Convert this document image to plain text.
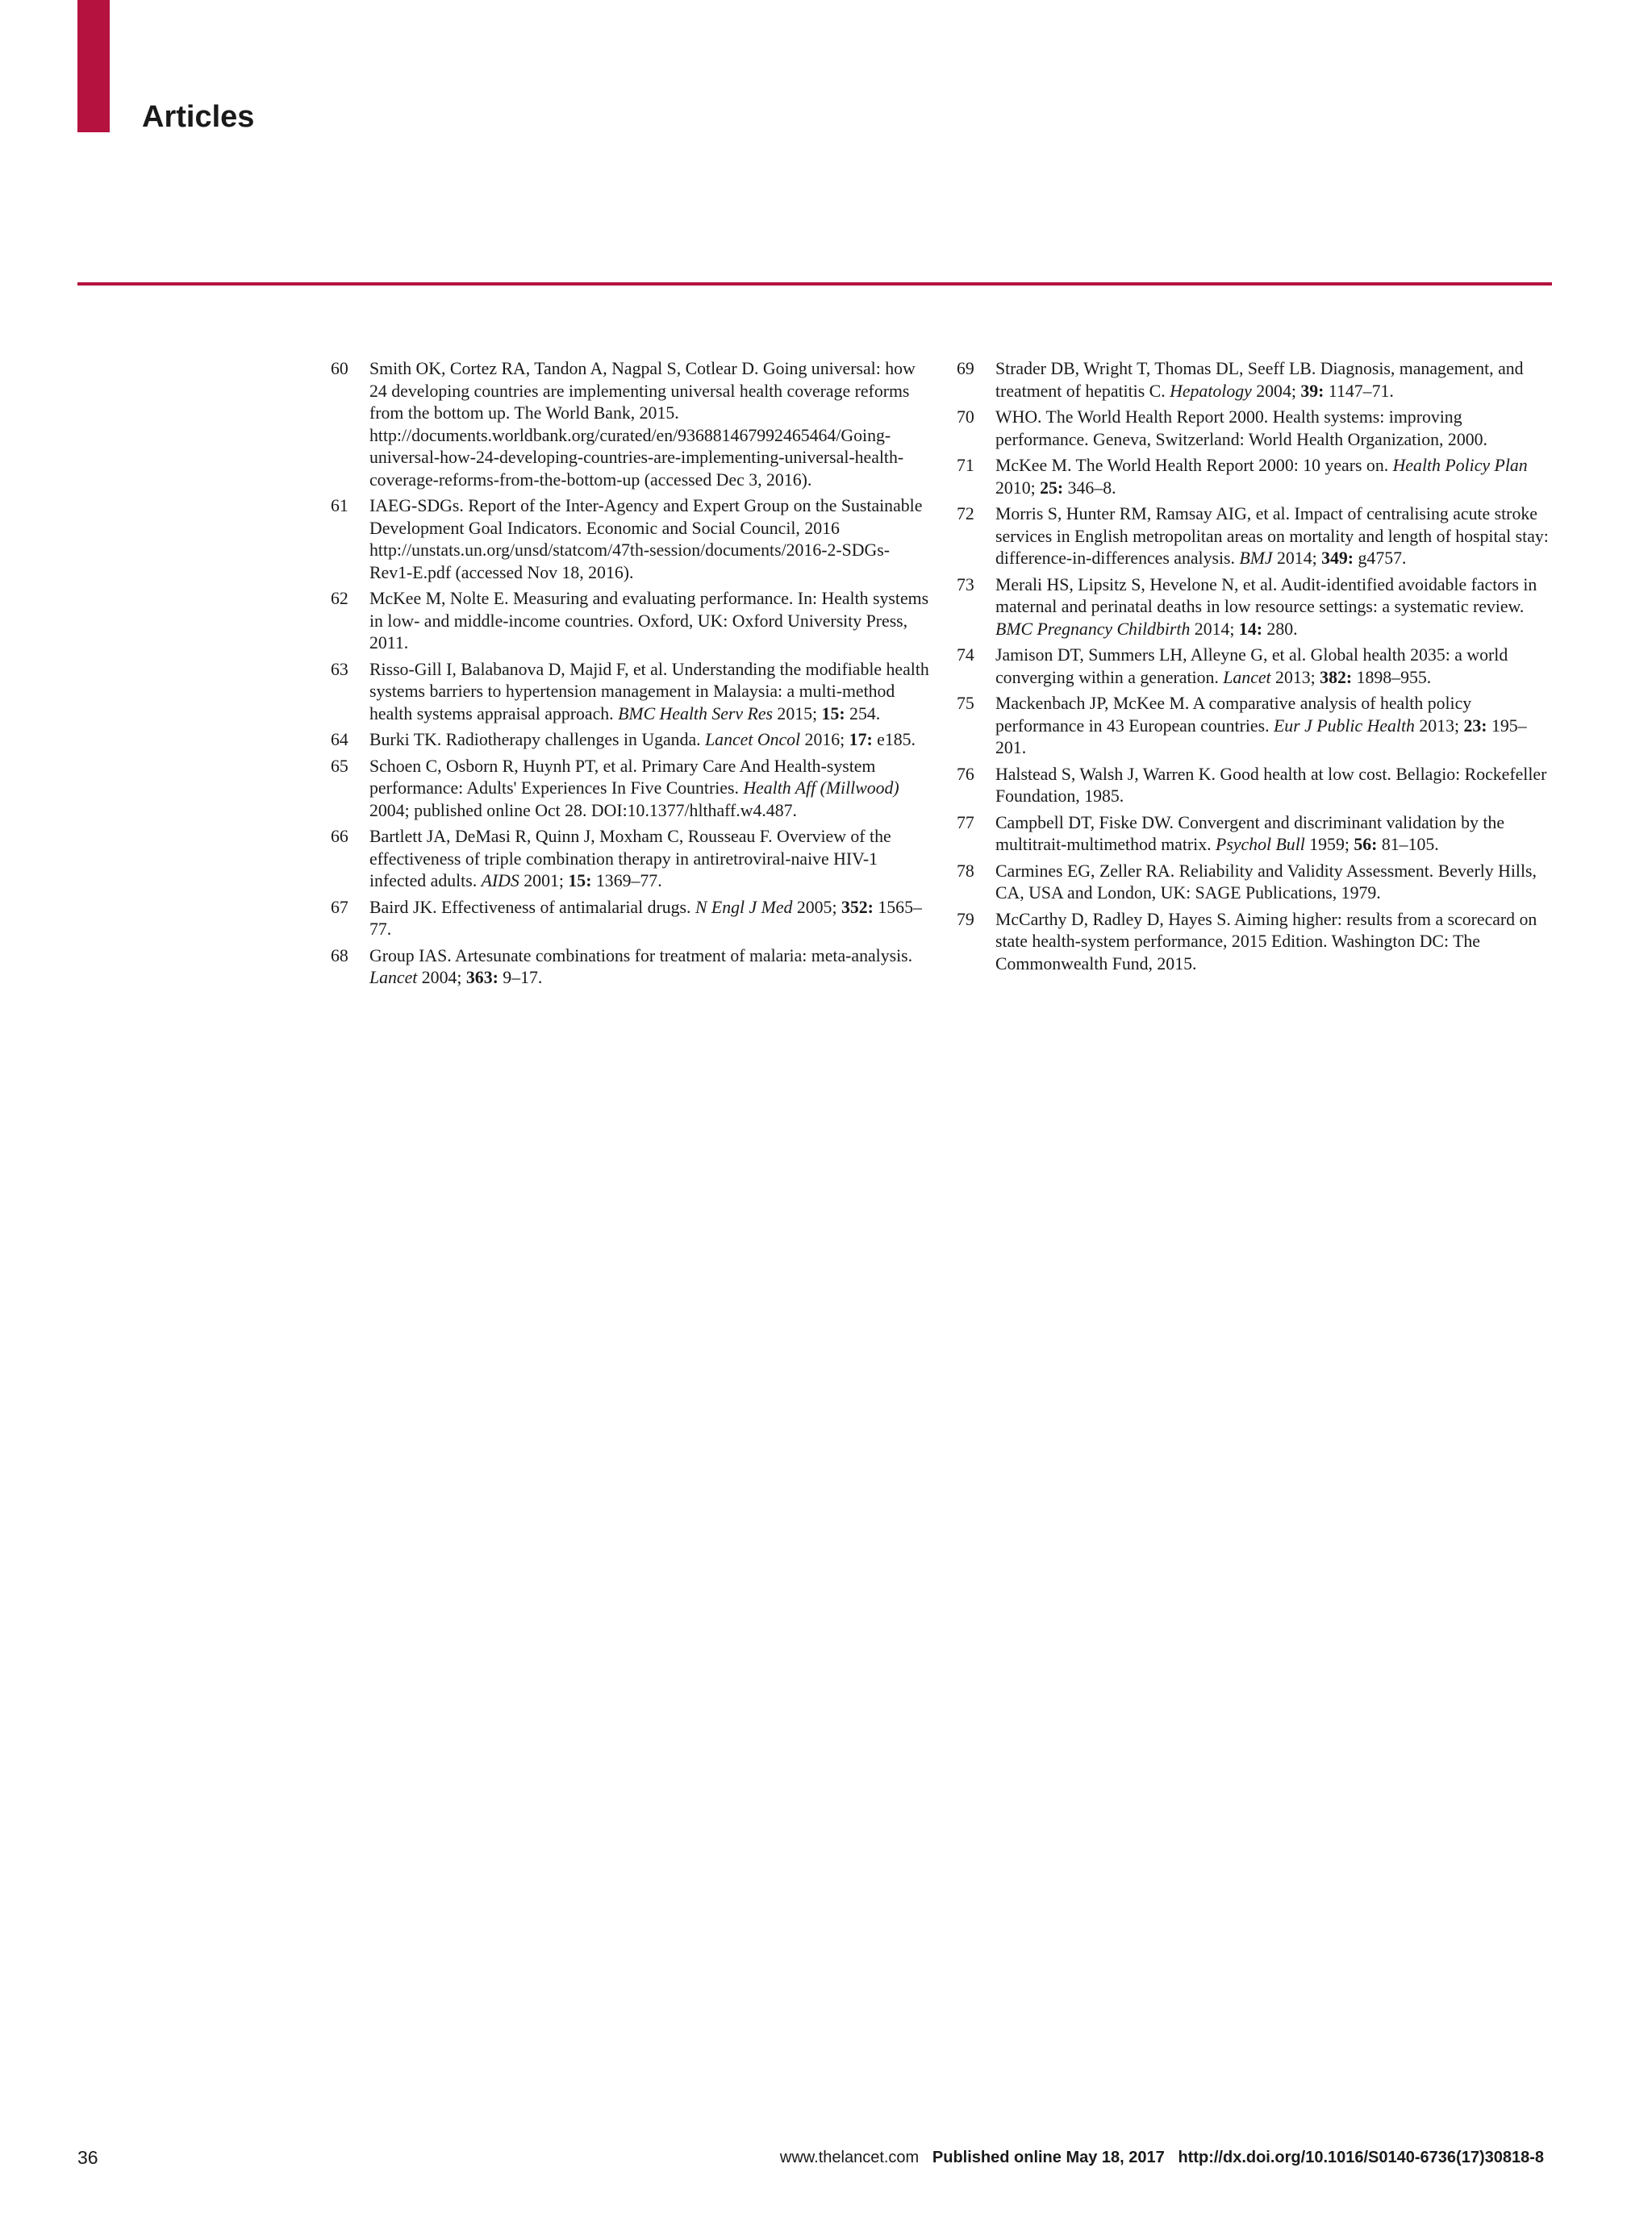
Articles
60	Smith OK, Cortez RA, Tandon A, Nagpal S, Cotlear D. Going universal: how 24 developing countries are implementing universal health coverage reforms from the bottom up. The World Bank, 2015. http://documents.worldbank.org/curated/en/936881467992465464/Going-universal-how-24-developing-countries-are-implementing-universal-health-coverage-reforms-from-the-bottom-up (accessed Dec 3, 2016).
61	IAEG-SDGs. Report of the Inter-Agency and Expert Group on the Sustainable Development Goal Indicators. Economic and Social Council, 2016 http://unstats.un.org/unsd/statcom/47th-session/documents/2016-2-SDGs-Rev1-E.pdf (accessed Nov 18, 2016).
62	McKee M, Nolte E. Measuring and evaluating performance. In: Health systems in low- and middle-income countries. Oxford, UK: Oxford University Press, 2011.
63	Risso-Gill I, Balabanova D, Majid F, et al. Understanding the modifiable health systems barriers to hypertension management in Malaysia: a multi-method health systems appraisal approach. BMC Health Serv Res 2015; 15: 254.
64	Burki TK. Radiotherapy challenges in Uganda. Lancet Oncol 2016; 17: e185.
65	Schoen C, Osborn R, Huynh PT, et al. Primary Care And Health-system performance: Adults' Experiences In Five Countries. Health Aff (Millwood) 2004; published online Oct 28. DOI:10.1377/hlthaff.w4.487.
66	Bartlett JA, DeMasi R, Quinn J, Moxham C, Rousseau F. Overview of the effectiveness of triple combination therapy in antiretroviral-naive HIV-1 infected adults. AIDS 2001; 15: 1369–77.
67	Baird JK. Effectiveness of antimalarial drugs. N Engl J Med 2005; 352: 1565–77.
68	Group IAS. Artesunate combinations for treatment of malaria: meta-analysis. Lancet 2004; 363: 9–17.
69	Strader DB, Wright T, Thomas DL, Seeff LB. Diagnosis, management, and treatment of hepatitis C. Hepatology 2004; 39: 1147–71.
70	WHO. The World Health Report 2000. Health systems: improving performance. Geneva, Switzerland: World Health Organization, 2000.
71	McKee M. The World Health Report 2000: 10 years on. Health Policy Plan 2010; 25: 346–8.
72	Morris S, Hunter RM, Ramsay AIG, et al. Impact of centralising acute stroke services in English metropolitan areas on mortality and length of hospital stay: difference-in-differences analysis. BMJ 2014; 349: g4757.
73	Merali HS, Lipsitz S, Hevelone N, et al. Audit-identified avoidable factors in maternal and perinatal deaths in low resource settings: a systematic review. BMC Pregnancy Childbirth 2014; 14: 280.
74	Jamison DT, Summers LH, Alleyne G, et al. Global health 2035: a world converging within a generation. Lancet 2013; 382: 1898–955.
75	Mackenbach JP, McKee M. A comparative analysis of health policy performance in 43 European countries. Eur J Public Health 2013; 23: 195–201.
76	Halstead S, Walsh J, Warren K. Good health at low cost. Bellagio: Rockefeller Foundation, 1985.
77	Campbell DT, Fiske DW. Convergent and discriminant validation by the multitrait-multimethod matrix. Psychol Bull 1959; 56: 81–105.
78	Carmines EG, Zeller RA. Reliability and Validity Assessment. Beverly Hills, CA, USA and London, UK: SAGE Publications, 1979.
79	McCarthy D, Radley D, Hayes S. Aiming higher: results from a scorecard on state health-system performance, 2015 Edition. Washington DC: The Commonwealth Fund, 2015.
36	www.thelancet.com Published online May 18, 2017 http://dx.doi.org/10.1016/S0140-6736(17)30818-8
